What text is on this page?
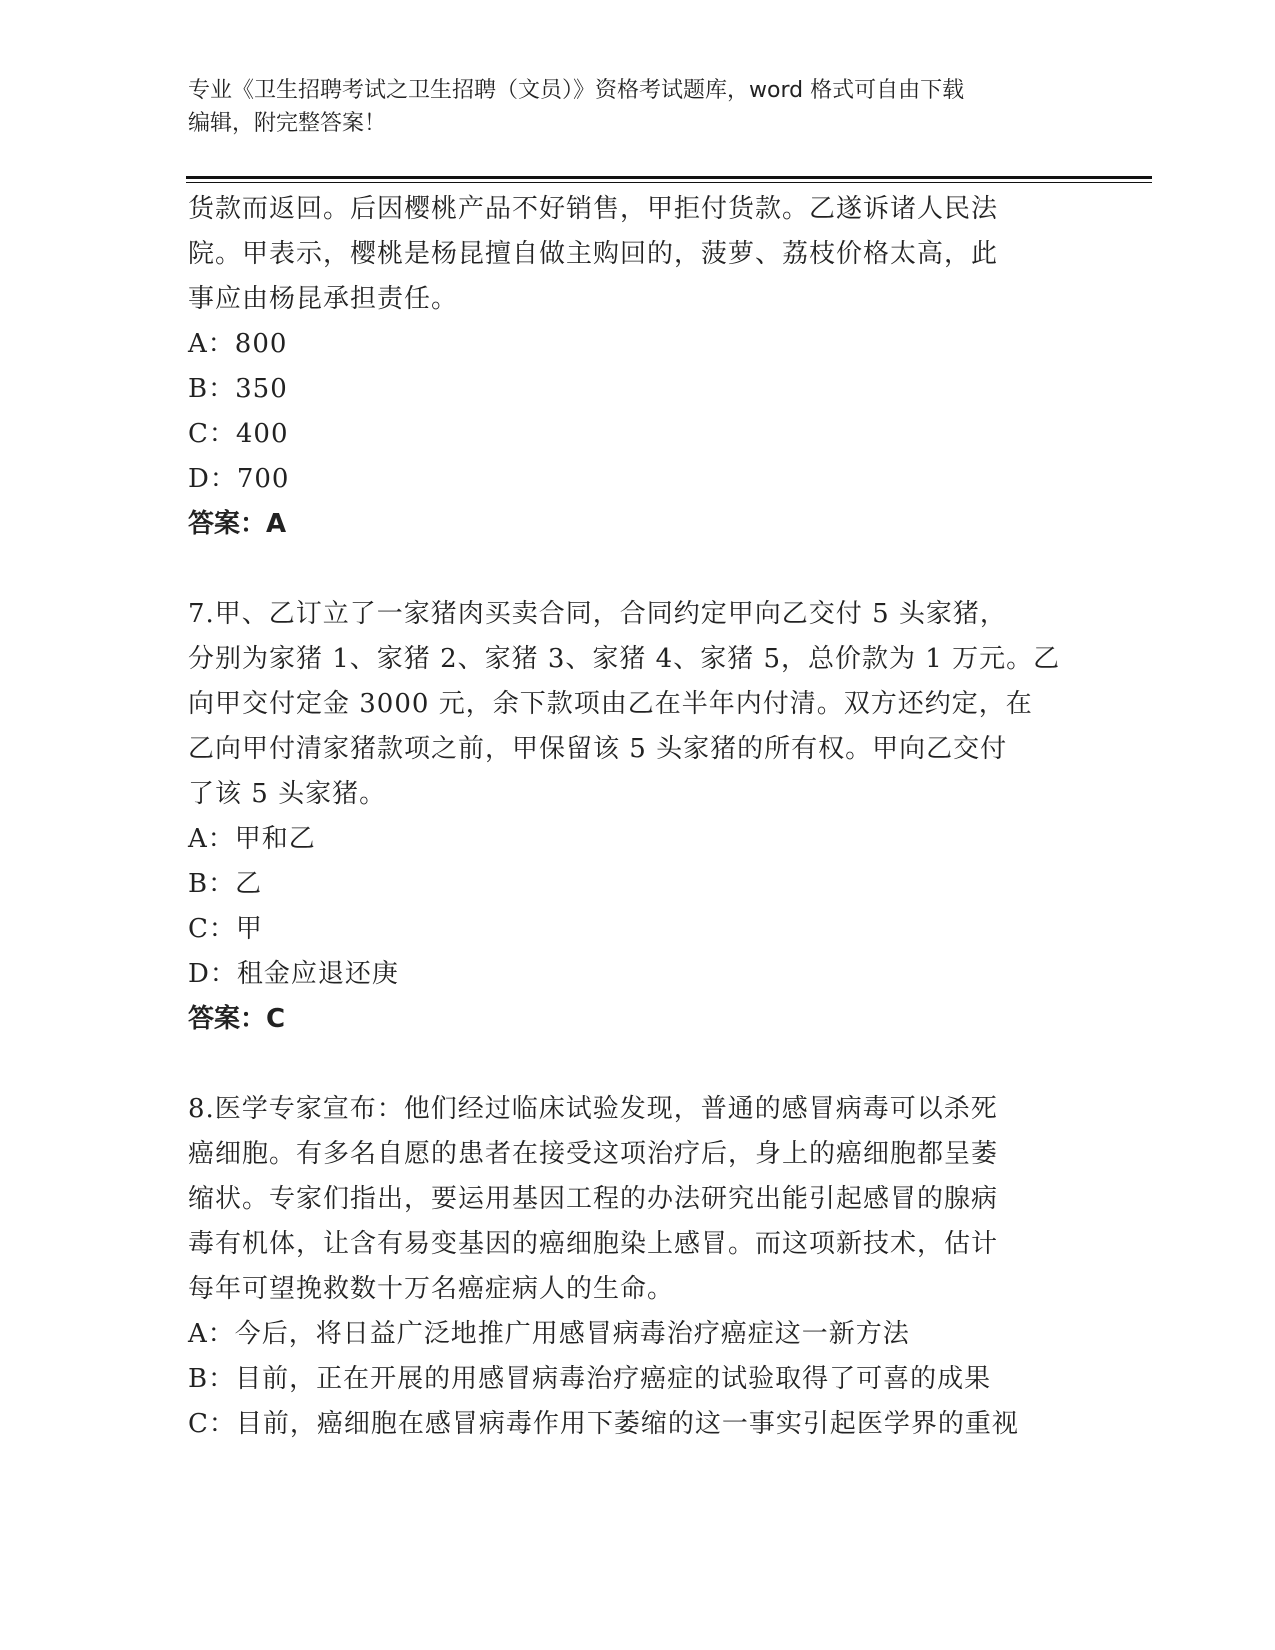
专业《卫生招聘考试之卫生招聘（文员）》资格考试题库，word 格式可自由下载
编辑，附完整答案！
货款而返回。后因樱桃产品不好销售，甲拒付货款。乙遂诉诸人民法
院。甲表示，樱桃是杨昆擅自做主购回的，菠萝、荔枝价格太高，此
事应由杨昆承担责任。
A：800
B：350
C：400
D：700
答案：A
7.甲、乙订立了一家猪肉买卖合同，合同约定甲向乙交付 5 头家猪，
分别为家猪 1、家猪 2、家猪 3、家猪 4、家猪 5，总价款为 1 万元。乙
向甲交付定金 3000 元，余下款项由乙在半年内付清。双方还约定，在
乙向甲付清家猪款项之前，甲保留该 5 头家猪的所有权。甲向乙交付
了该 5 头家猪。
A：甲和乙
B：乙
C：甲
D：租金应退还庚
答案：C
8.医学专家宣布：他们经过临床试验发现，普通的感冒病毒可以杀死
癌细胞。有多名自愿的患者在接受这项治疗后，身上的癌细胞都呈萎
缩状。专家们指出，要运用基因工程的办法研究出能引起感冒的腺病
毒有机体，让含有易变基因的癌细胞染上感冒。而这项新技术，估计
每年可望挽救数十万名癌症病人的生命。
A：今后，将日益广泛地推广用感冒病毒治疗癌症这一新方法
B：目前，正在开展的用感冒病毒治疗癌症的试验取得了可喜的成果
C：目前，癌细胞在感冒病毒作用下萎缩的这一事实引起医学界的重视
